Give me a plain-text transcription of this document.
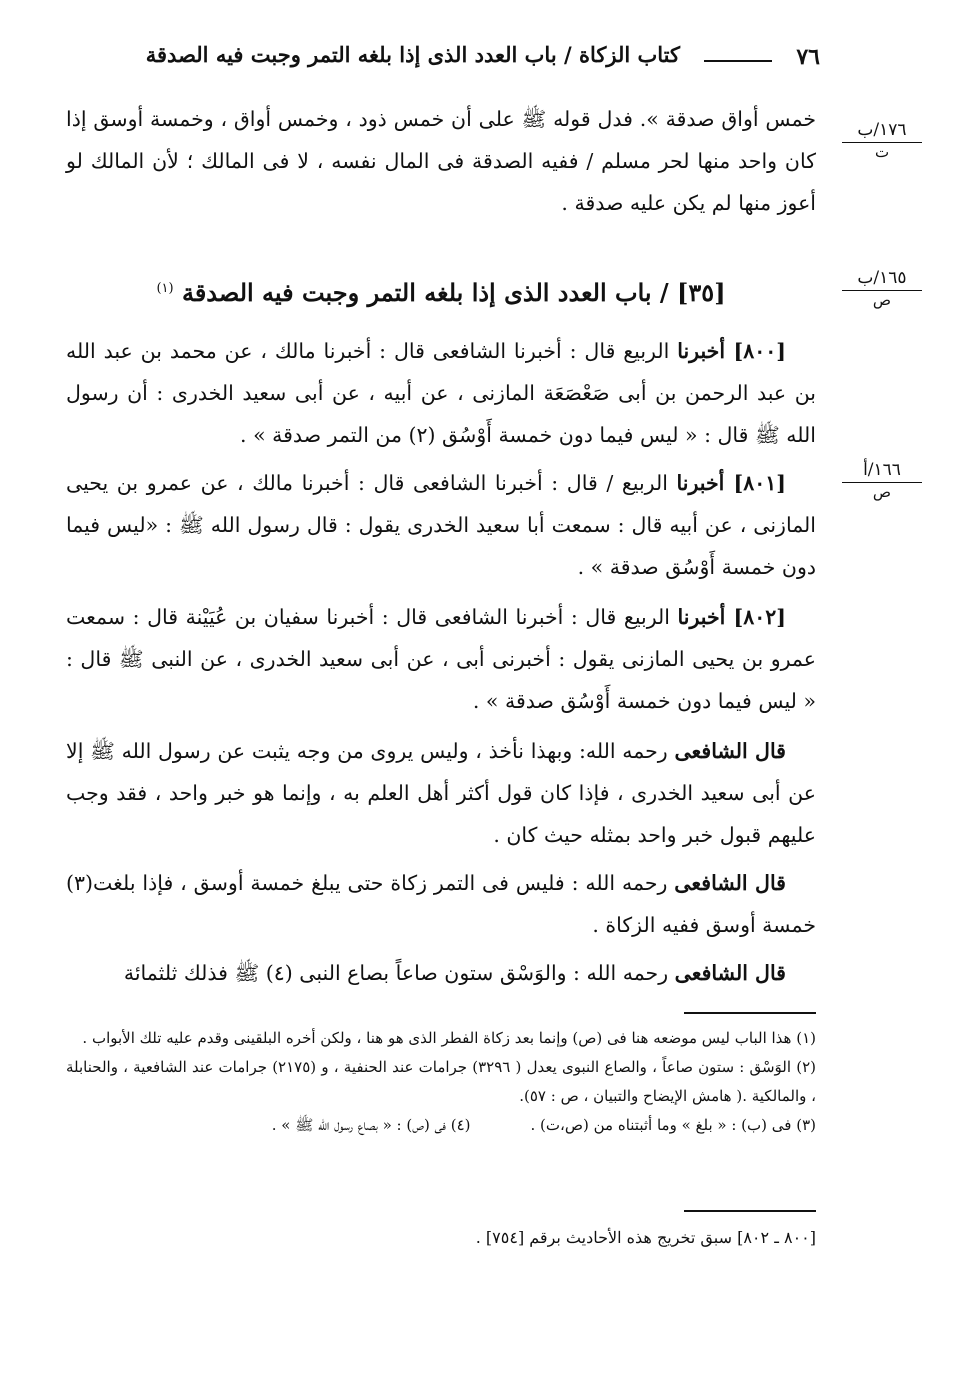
٧٦
كتاب الزكاة / باب العدد الذى إذا بلغه التمر وجبت فيه الصدقة
١٧٦/ب
ت
١٦٥/ب
ص
١٦٦/أ
ص
خمس أواق صدقة ». فدل قوله ﷺ على أن خمس ذود ، وخمس أواق ، وخمسة أوسق إذا كان واحد منها لحر مسلم / ففيه الصدقة فى المال نفسه ، لا فى المالك ؛ لأن المالك لو أعوز منها لم يكن عليه صدقة .
[٣٥] / باب العدد الذى إذا بلغه التمر وجبت فيه الصدقة $^{(١)}$
[٨٠٠] أخبرنا الربيع قال : أخبرنا الشافعى قال : أخبرنا مالك ، عن محمد بن عبد الله بن عبد الرحمن بن أبى صَعْصَعَة المازنى ، عن أبيه ، عن أبى سعيد الخدرى : أن رسول الله ﷺ قال : « ليس فيما دون خمسة أَوْسُق (٢) من التمر صدقة » .
[٨٠١] أخبرنا الربيع / قال : أخبرنا الشافعى قال : أخبرنا مالك ، عن عمرو بن يحيى المازنى ، عن أبيه قال : سمعت أبا سعيد الخدرى يقول : قال رسول الله ﷺ : «ليس فيما دون خمسة أَوْسُق صدقة » .
[٨٠٢] أخبرنا الربيع قال : أخبرنا الشافعى قال : أخبرنا سفيان بن عُيَيْنة قال : سمعت عمرو بن يحيى المازنى يقول : أخبرنى أبى ، عن أبى سعيد الخدرى ، عن النبى ﷺ قال : « ليس فيما دون خمسة أَوْسُق صدقة » .
قال الشافعى رحمه الله: وبهذا نأخذ ، وليس يروى من وجه يثبت عن رسول الله ﷺ إلا عن أبى سعيد الخدرى ، فإذا كان قول أكثر أهل العلم به ، وإنما هو خبر واحد ، فقد وجب عليهم قبول خبر واحد بمثله حيث كان .
قال الشافعى رحمه الله : فليس فى التمر زكاة حتى يبلغ خمسة أوسق ، فإذا بلغت(٣) خمسة أوسق ففيه الزكاة .
قال الشافعى رحمه الله : والوَسْق ستون صاعاً بصاع النبى (٤) ﷺ فذلك ثلثمائة
(١) هذا الباب ليس موضعه هنا فى (ص) وإنما بعد زكاة الفطر الذى هو هنا ، ولكن أخره البلقينى وقدم عليه تلك الأبواب .
(٢) الوَسْق : ستون صاعاً ، والصاع النبوى يعدل ( ٣٢٩٦) جرامات عند الحنفية ، و (٢١٧٥) جرامات عند الشافعية ، والحنابلة ، والمالكية .( هامش الإيضاح والتبيان ، ص : ٥٧).
(٣) فى (ب) : « بلغ » وما أثبتناه من (ص،ت) .(٤) فى (ص) : « بصاع رسول الله ﷺ » .
[٨٠٠ ـ ٨٠٢] سبق تخريج هذه الأحاديث برقم [٧٥٤] .
